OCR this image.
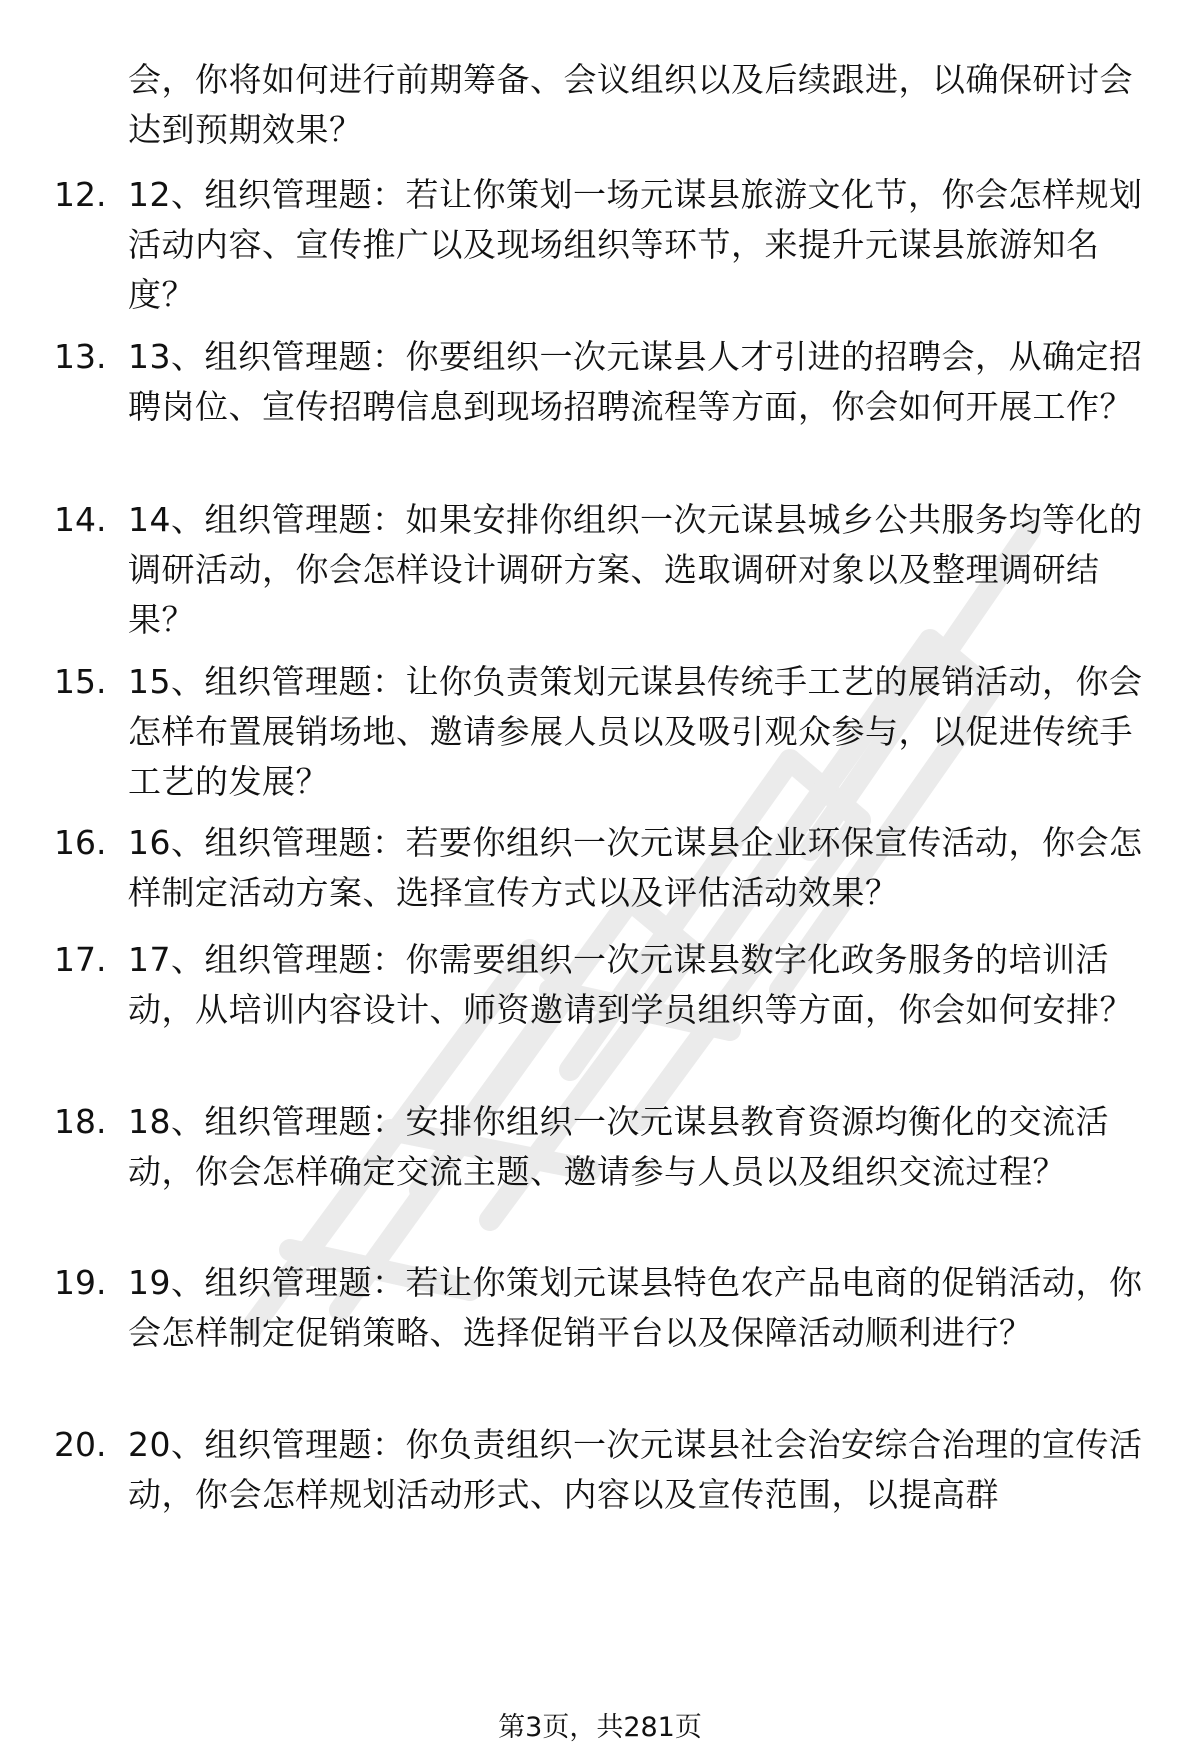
会，你将如何进行前期筹备、会议组织以及后续跟进，以确保研讨会达到预期效果？
12. 12、组织管理题：若让你策划一场元谋县旅游文化节，你会怎样规划活动内容、宣传推广以及现场组织等环节，来提升元谋县旅游知名度？
13. 13、组织管理题：你要组织一次元谋县人才引进的招聘会，从确定招聘岗位、宣传招聘信息到现场招聘流程等方面，你会如何开展工作？
14. 14、组织管理题：如果安排你组织一次元谋县城乡公共服务均等化的调研活动，你会怎样设计调研方案、选取调研对象以及整理调研结果？
15. 15、组织管理题：让你负责策划元谋县传统手工艺的展销活动，你会怎样布置展销场地、邀请参展人员以及吸引观众参与，以促进传统手工艺的发展？
16. 16、组织管理题：若要你组织一次元谋县企业环保宣传活动，你会怎样制定活动方案、选择宣传方式以及评估活动效果？
17. 17、组织管理题：你需要组织一次元谋县数字化政务服务的培训活动，从培训内容设计、师资邀请到学员组织等方面，你会如何安排？
18. 18、组织管理题：安排你组织一次元谋县教育资源均衡化的交流活动，你会怎样确定交流主题、邀请参与人员以及组织交流过程？
19. 19、组织管理题：若让你策划元谋县特色农产品电商的促销活动，你会怎样制定促销策略、选择促销平台以及保障活动顺利进行？
20. 20、组织管理题：你负责组织一次元谋县社会治安综合治理的宣传活动，你会怎样规划活动形式、内容以及宣传范围，以提高群
第3页，共281页
